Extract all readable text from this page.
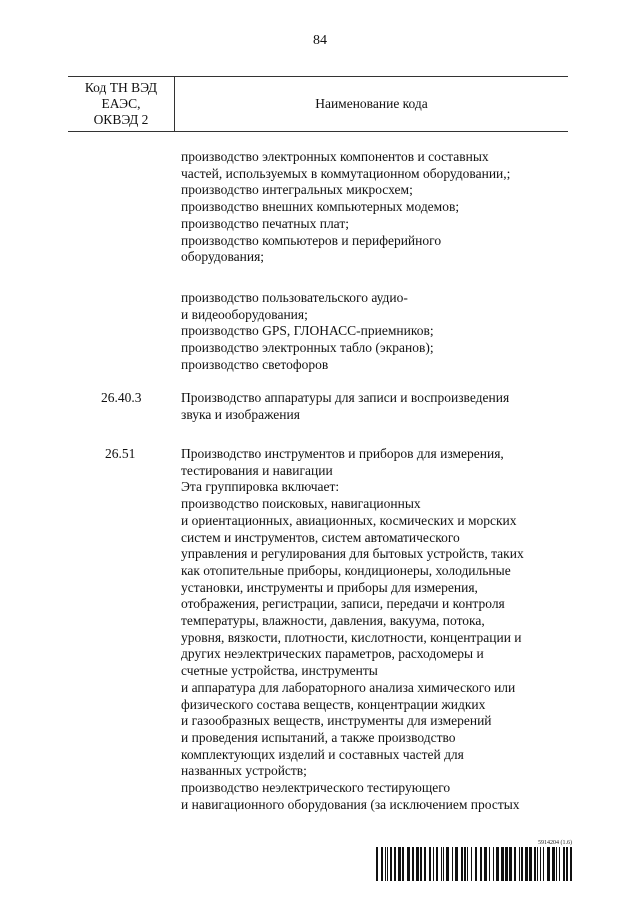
84
Код ТН ВЭД
ЕАЭС,
ОКВЭД 2
Наименование кода
производство электронных компонентов и составных
частей, используемых в коммутационном оборудовании,;
производство интегральных микросхем;
производство внешних компьютерных модемов;
производство печатных плат;
производство компьютеров и периферийного
оборудования;
производство пользовательского аудио-
и видеооборудования;
производство GPS, ГЛОНАСС-приемников;
производство электронных табло (экранов);
производство светофоров
26.40.3	Производство аппаратуры для записи и воспроизведения
звука и изображения
26.51	Производство инструментов и приборов для измерения,
тестирования и навигации
Эта группировка включает:
производство поисковых, навигационных
и ориентационных, авиационных, космических и морских
систем и инструментов, систем автоматического
управления и регулирования для бытовых устройств, таких
как отопительные приборы, кондиционеры, холодильные
установки, инструменты и приборы для измерения,
отображения, регистрации, записи, передачи и контроля
температуры, влажности, давления, вакуума, потока,
уровня, вязкости, плотности, кислотности, концентрации и
других неэлектрических параметров, расходомеры и
счетные устройства, инструменты
и аппаратура для лабораторного анализа химического или
физического состава веществ, концентрации жидких
и газообразных веществ, инструменты для измерений
и проведения испытаний, а также производство
комплектующих изделий и составных частей для
названных устройств;
производство неэлектрического тестирующего
и навигационного оборудования (за исключением простых
5914204 (1.6)
